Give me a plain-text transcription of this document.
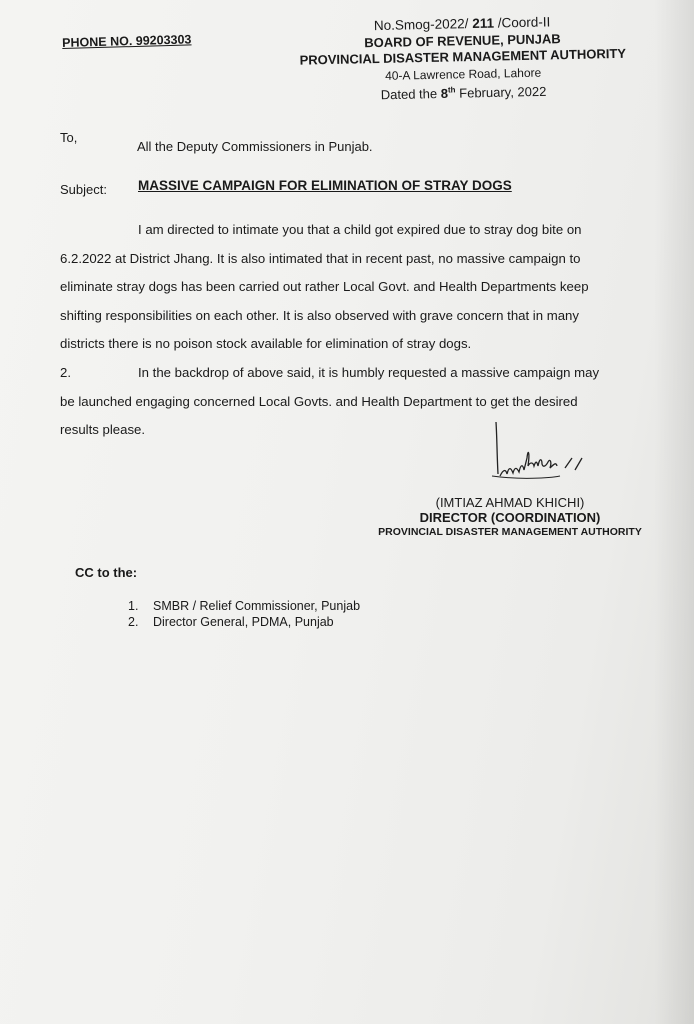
PHONE NO. 99203303
No.Smog-2022/ 211 /Coord-II
BOARD OF REVENUE, PUNJAB
PROVINCIAL DISASTER MANAGEMENT AUTHORITY
40-A Lawrence Road, Lahore
Dated the 8th February, 2022
To,
All the Deputy Commissioners in Punjab.
Subject: MASSIVE CAMPAIGN FOR ELIMINATION OF STRAY DOGS
I am directed to intimate you that a child got expired due to stray dog bite on
6.2.2022 at District Jhang. It is also intimated that in recent past, no massive campaign to
eliminate stray dogs has been carried out rather Local Govt. and Health Departments keep
shifting responsibilities on each other. It is also observed with grave concern that in many
districts there is no poison stock available for elimination of stray dogs.
2.	In the backdrop of above said, it is humbly requested a massive campaign may
be launched engaging concerned Local Govts. and Health Department to get the desired
results please.
(IMTIAZ AHMAD KHICHI)
DIRECTOR (COORDINATION)
PROVINCIAL DISASTER MANAGEMENT AUTHORITY
CC to the:
1. SMBR / Relief Commissioner, Punjab
2. Director General, PDMA, Punjab
